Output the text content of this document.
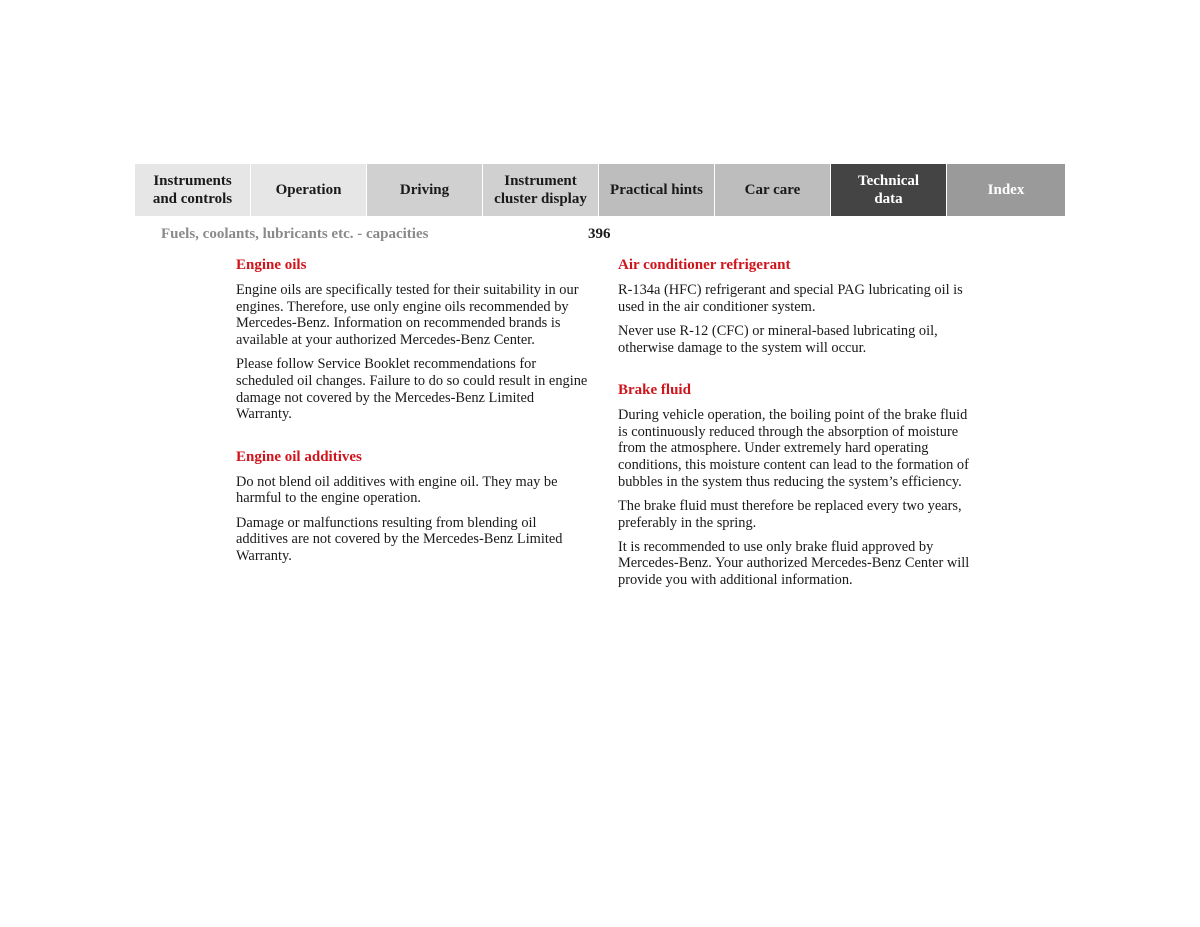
Instruments
and controls
Operation	Driving
Instrument
cluster display
Practical hints	Car care
Technical
data
Index
Fuels, coolants, lubricants etc. - capacities	396
Engine oils

Engine oils are specifically tested for their suitability in our engines. Therefore, use only engine oils recommended by Mercedes-Benz. Information on recommended brands is available at your authorized Mercedes-Benz Center.

Please follow Service Booklet recommendations for scheduled oil changes. Failure to do so could result in engine damage not covered by the Mercedes-Benz Limited Warranty.

Engine oil additives

Do not blend oil additives with engine oil. They may be harmful to the engine operation.

Damage or malfunctions resulting from blending oil additives are not covered by the Mercedes-Benz Limited Warranty.

Air conditioner refrigerant

R-134a (HFC) refrigerant and special PAG lubricating oil is used in the air conditioner system.

Never use R-12 (CFC) or mineral-based lubricating oil, otherwise damage to the system will occur.

Brake fluid

During vehicle operation, the boiling point of the brake fluid is continuously reduced through the absorption of moisture from the atmosphere. Under extremely hard operating conditions, this moisture content can lead to the formation of bubbles in the system thus reducing the system’s efficiency.

The brake fluid must therefore be replaced every two years, preferably in the spring.

It is recommended to use only brake fluid approved by Mercedes-Benz. Your authorized Mercedes-Benz Center will provide you with additional information.
